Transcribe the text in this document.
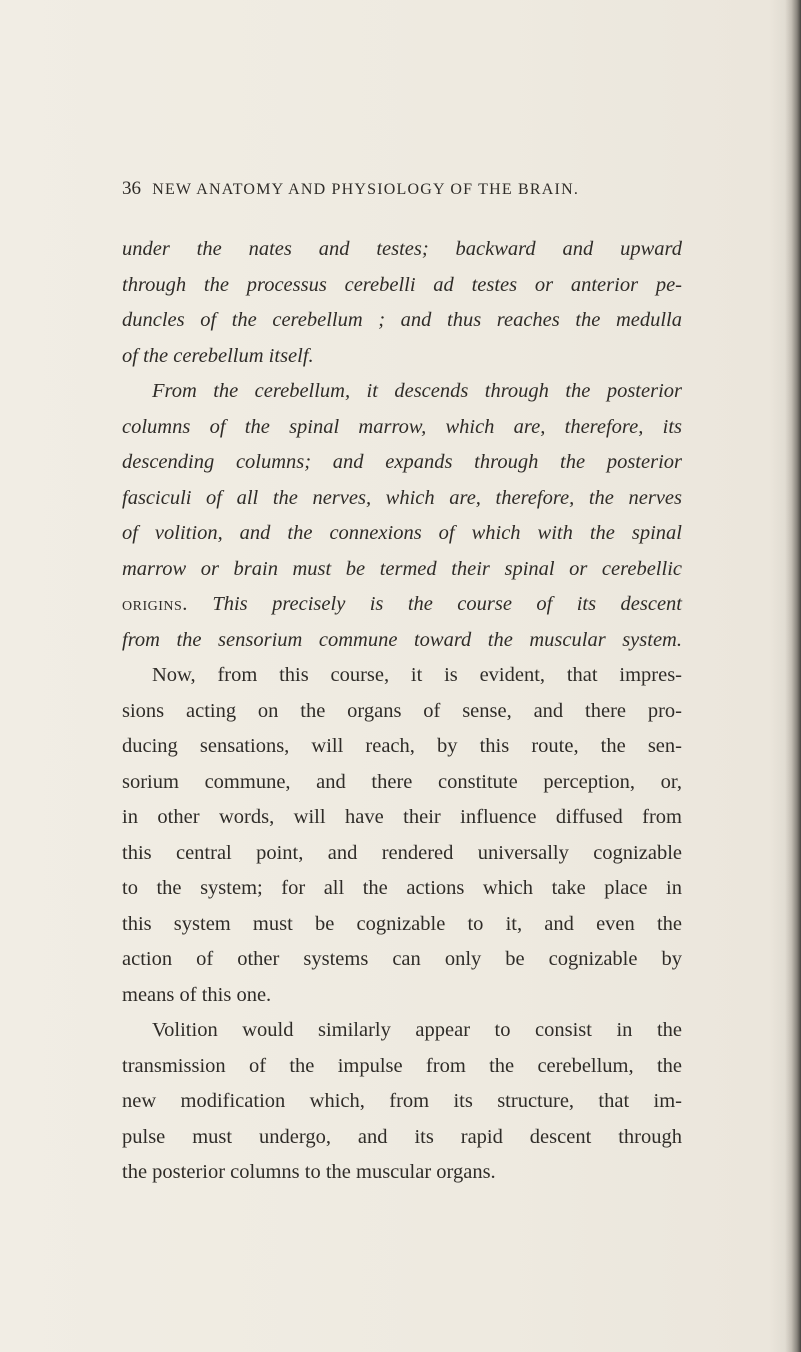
36 NEW ANATOMY AND PHYSIOLOGY OF THE BRAIN.
under the nates and testes; backward and upward
through the processus cerebelli ad testes or anterior pe-
duncles of the cerebellum ; and thus reaches the medulla
of the cerebellum itself.
From the cerebellum, it descends through the posterior
columns of the spinal marrow, which are, therefore, its
descending columns; and expands through the posterior
fasciculi of all the nerves, which are, therefore, the nerves
of volition, and the connexions of which with the spinal
marrow or brain must be termed their spinal or cerebellic
origins. This precisely is the course of its descent
from the sensorium commune toward the muscular system.
Now, from this course, it is evident, that impres-
sions acting on the organs of sense, and there pro-
ducing sensations, will reach, by this route, the sen-
sorium commune, and there constitute perception, or,
in other words, will have their influence diffused from
this central point, and rendered universally cognizable
to the system; for all the actions which take place in
this system must be cognizable to it, and even the
action of other systems can only be cognizable by
means of this one.
Volition would similarly appear to consist in the
transmission of the impulse from the cerebellum, the
new modification which, from its structure, that im-
pulse must undergo, and its rapid descent through
the posterior columns to the muscular organs.
